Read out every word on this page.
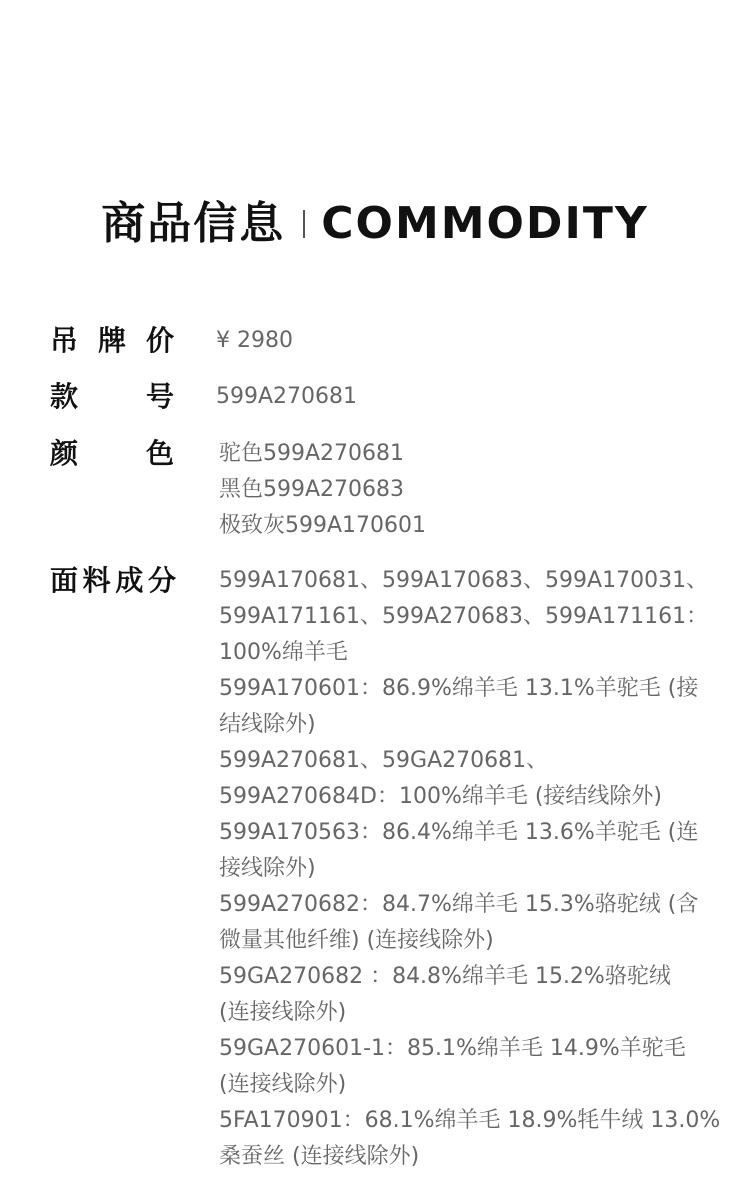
商品信息 COMMODITY
吊 牌 价 ¥ 2980
款 号 599A270681
颜 色 驼色599A270681
黑色599A270683
极致灰599A170601
面 料 成 分 599A170681、599A170683、599A170031、
599A171161、599A270683、599A171161：
100%绵羊毛
599A170601：86.9%绵羊毛 13.1%羊驼毛 (接
结线除外)
599A270681、59GA270681、
599A270684D：100%绵羊毛 (接结线除外)
599A170563：86.4%绵羊毛 13.6%羊驼毛 (连
接线除外)
599A270682：84.7%绵羊毛 15.3%骆驼绒 (含
微量其他纤维) (连接线除外)
59GA270682 ：84.8%绵羊毛 15.2%骆驼绒
(连接线除外)
59GA270601-1：85.1%绵羊毛 14.9%羊驼毛
(连接线除外)
5FA170901：68.1%绵羊毛 18.9%牦牛绒 13.0%
桑蚕丝 (连接线除外)
